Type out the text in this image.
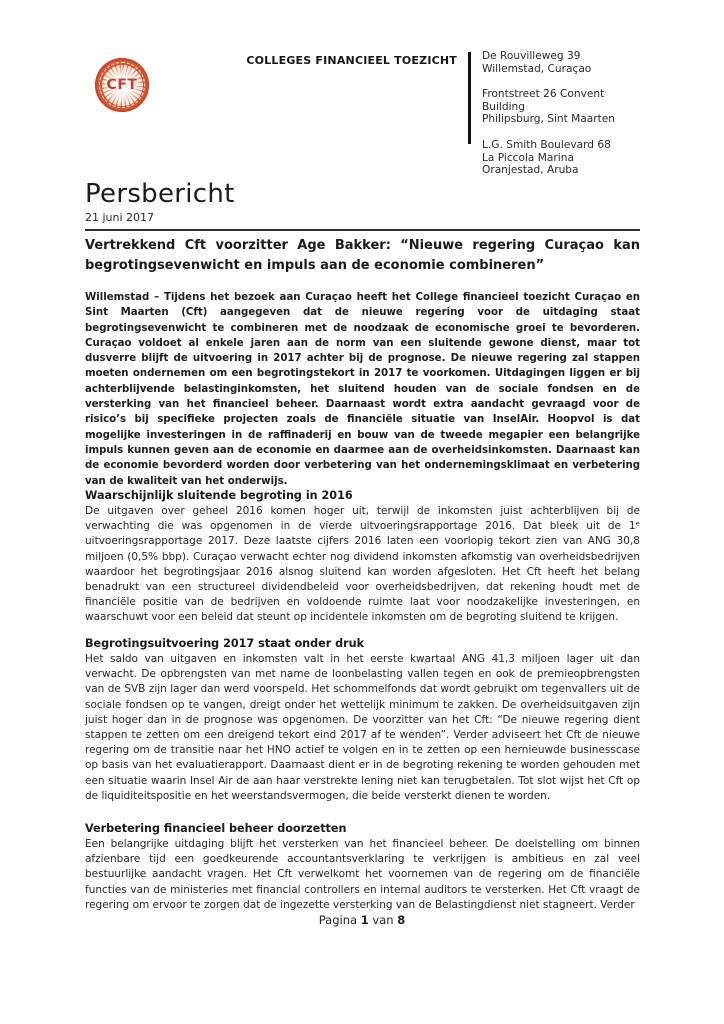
CFT
COLLEGES FINANCIEEL TOEZICHT De Rouvilleweg 39
Willemstad, Curaçao
Frontstreet 26 Convent Building
Philipsburg, Sint Maarten
L.G. Smith Boulevard 68
La Piccola Marina
Oranjestad, Aruba
Persbericht
21 juni 2017
Vertrekkend Cft voorzitter Age Bakker: “Nieuwe regering Curaçao kan begrotingsevenwicht en impuls aan de economie combineren”

Willemstad – Tijdens het bezoek aan Curaçao heeft het College financieel toezicht Curaçao en Sint Maarten (Cft) aangegeven dat de nieuwe regering voor de uitdaging staat begrotingsevenwicht te combineren met de noodzaak de economische groei te bevorderen. Curaçao voldoet al enkele jaren aan de norm van een sluitende gewone dienst, maar tot dusverre blijft de uitvoering in 2017 achter bij de prognose. De nieuwe regering zal stappen moeten ondernemen om een begrotingstekort in 2017 te voorkomen. Uitdagingen liggen er bij achterblijvende belastinginkomsten, het sluitend houden van de sociale fondsen en de versterking van het financieel beheer. Daarnaast wordt extra aandacht gevraagd voor de risico’s bij specifieke projecten zoals de financiële situatie van InselAir. Hoopvol is dat mogelijke investeringen in de raffinaderij en bouw van de tweede megapier een belangrijke impuls kunnen geven aan de economie en daarmee aan de overheidsinkomsten. Daarnaast kan de economie bevorderd worden door verbetering van het ondernemingsklimaat en verbetering van de kwaliteit van het onderwijs.

Waarschijnlijk sluitende begroting in 2016

De uitgaven over geheel 2016 komen hoger uit, terwijl de inkomsten juist achterblijven bij de verwachting die was opgenomen in de vierde uitvoeringsrapportage 2016. Dat bleek uit de 1ᵉ uitvoeringsrapportage 2017. Deze laatste cijfers 2016 laten een voorlopig tekort zien van ANG 30,8 miljoen (0,5% bbp). Curaçao verwacht echter nog dividend inkomsten afkomstig van overheidsbedrijven waardoor het begrotingsjaar 2016 alsnog sluitend kan worden afgesloten. Het Cft heeft het belang benadrukt van een structureel dividendbeleid voor overheidsbedrijven, dat rekening houdt met de financiële positie van de bedrijven en voldoende ruimte laat voor noodzakelijke investeringen, en waarschuwt voor een beleid dat steunt op incidentele inkomsten om de begroting sluitend te krijgen.

Begrotingsuitvoering 2017 staat onder druk

Het saldo van uitgaven en inkomsten valt in het eerste kwartaal ANG 41,3 miljoen lager uit dan verwacht. De opbrengsten van met name de loonbelasting vallen tegen en ook de premieopbrengsten van de SVB zijn lager dan werd voorspeld. Het schommelfonds dat wordt gebruikt om tegenvallers uit de sociale fondsen op te vangen, dreigt onder het wettelijk minimum te zakken. De overheidsuitgaven zijn juist hoger dan in de prognose was opgenomen. De voorzitter van het Cft: “De nieuwe regering dient stappen te zetten om een dreigend tekort eind 2017 af te wenden”. Verder adviseert het Cft de nieuwe regering om de transitie naar het HNO actief te volgen en in te zetten op een hernieuwde businesscase op basis van het evaluatierapport. Daarnaast dient er in de begroting rekening te worden gehouden met een situatie waarin Insel Air de aan haar verstrekte lening niet kan terugbetalen. Tot slot wijst het Cft op de liquiditeitspositie en het weerstandsvermogen, die beide versterkt dienen te worden.

Verbetering financieel beheer doorzetten

Een belangrijke uitdaging blijft het versterken van het financieel beheer. De doelstelling om binnen afzienbare tijd een goedkeurende accountantsverklaring te verkrijgen is ambitieus en zal veel bestuurlijke aandacht vragen. Het Cft verwelkomt het voornemen van de regering om de financiële functies van de ministeries met financial controllers en internal auditors te versterken. Het Cft vraagt de regering om ervoor te zorgen dat de ingezette versterking van de Belastingdienst niet stagneert. Verder

Pagina 1 van 8
